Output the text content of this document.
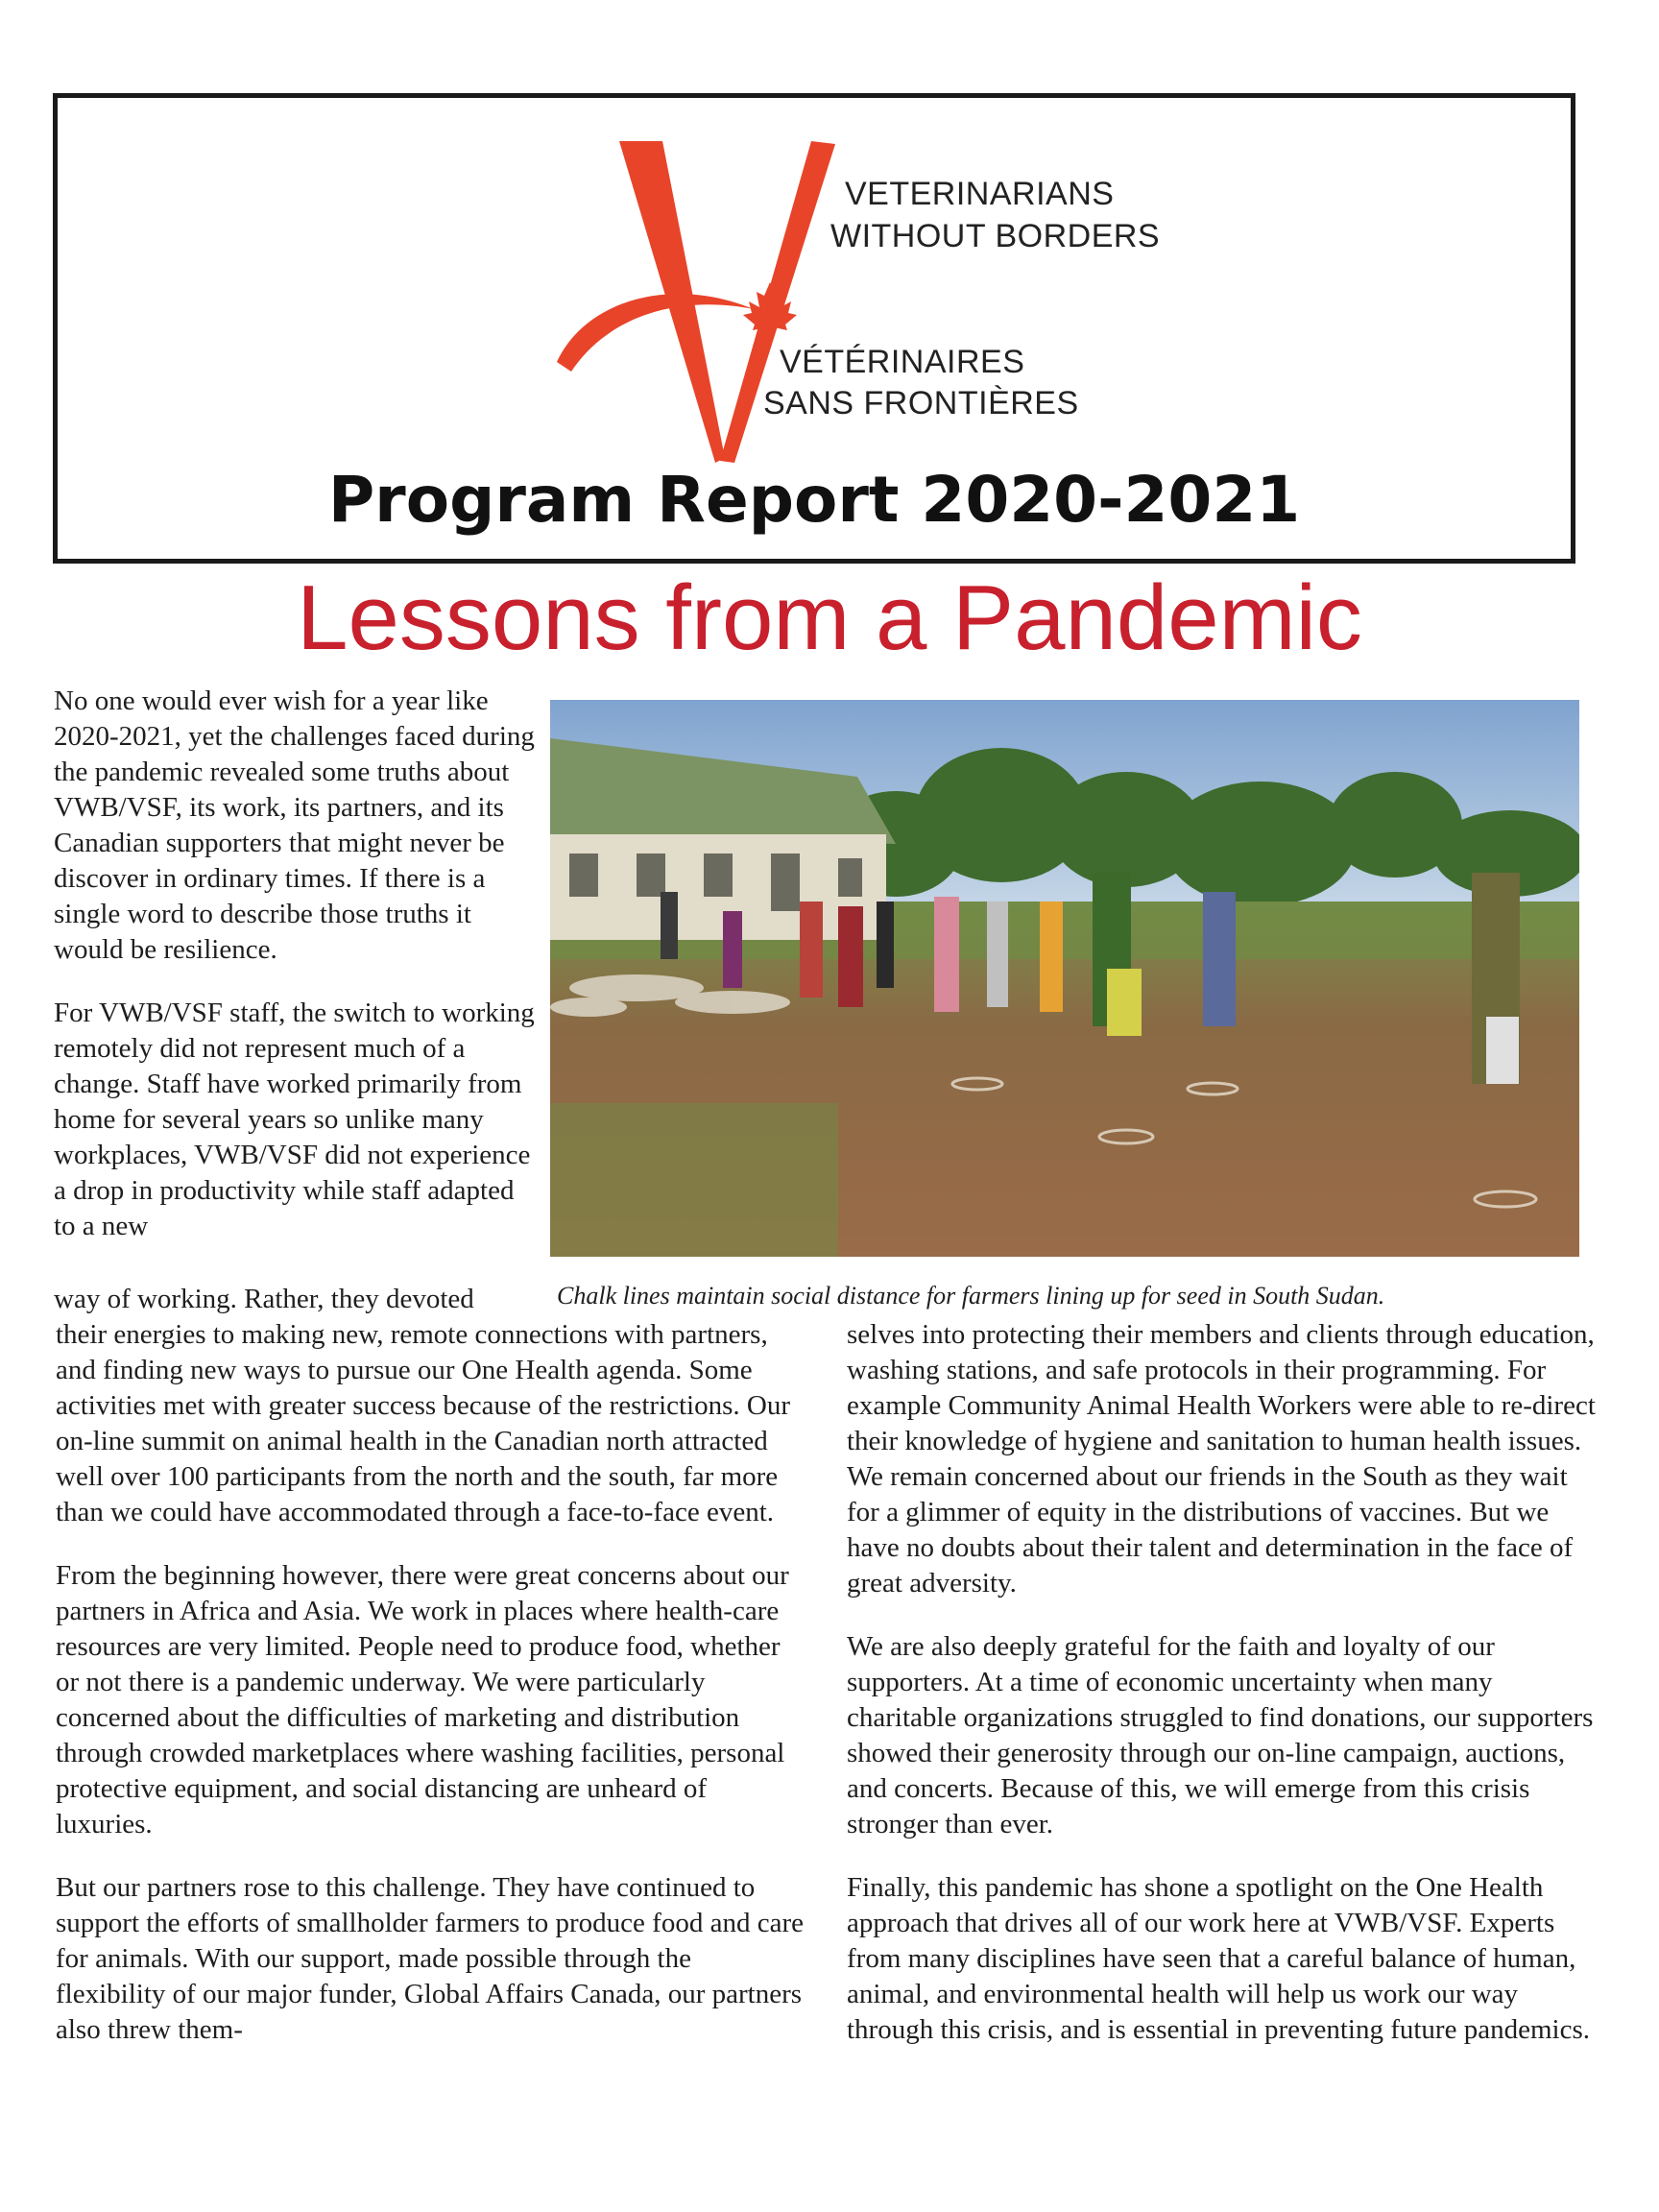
VETERINARIANS
WITHOUT BORDERS
VÉTÉRINAIRES
SANS FRONTIÈRES
Program Report 2020-2021
Lessons from a Pandemic

No one would ever wish for a year like 2020-2021, yet the challenges faced during the pandemic revealed some truths about VWB/VSF, its work, its partners, and its Canadian supporters that might never be discover in ordinary times. If there is a single word to describe those truths it would be resilience.

For VWB/VSF staff, the switch to working remotely did not represent much of a change. Staff have worked primarily from home for several years so unlike many workplaces, VWB/VSF did not experience a drop in productivity while staff adapted to a new

way of working. Rather, they devoted	Chalk lines maintain social distance for farmers lining up for seed in South Sudan.

their energies to making new, remote connections with partners, and finding new ways to pursue our One Health agenda. Some activities met with greater success because of the restrictions. Our on-line summit on animal health in the Canadian north attracted well over 100 participants from the north and the south, far more than we could have accommodated through a face-to-face event.

From the beginning however, there were great concerns about our partners in Africa and Asia. We work in places where health-care resources are very limited. People need to produce food, whether or not there is a pandemic underway. We were particularly concerned about the difficulties of marketing and distribution through crowded marketplaces where washing facilities, personal protective equipment, and social distancing are unheard of luxuries.

But our partners rose to this challenge. They have continued to support the efforts of smallholder farmers to produce food and care for animals. With our support, made possible through the flexibility of our major funder, Global Affairs Canada, our partners also threw them-

selves into protecting their members and clients through education, washing stations, and safe protocols in their programming. For example Community Animal Health Workers were able to re-direct their knowledge of hygiene and sanitation to human health issues. We remain concerned about our friends in the South as they wait for a glimmer of equity in the distributions of vaccines. But we have no doubts about their talent and determination in the face of great adversity.

We are also deeply grateful for the faith and loyalty of our supporters. At a time of economic uncertainty when many charitable organizations struggled to find donations, our supporters showed their generosity through our on-line campaign, auctions, and concerts. Because of this, we will emerge from this crisis stronger than ever.

Finally, this pandemic has shone a spotlight on the One Health approach that drives all of our work here at VWB/VSF. Experts from many disciplines have seen that a careful balance of human, animal, and environmental health will help us work our way through this crisis, and is essential in preventing future pandemics.
